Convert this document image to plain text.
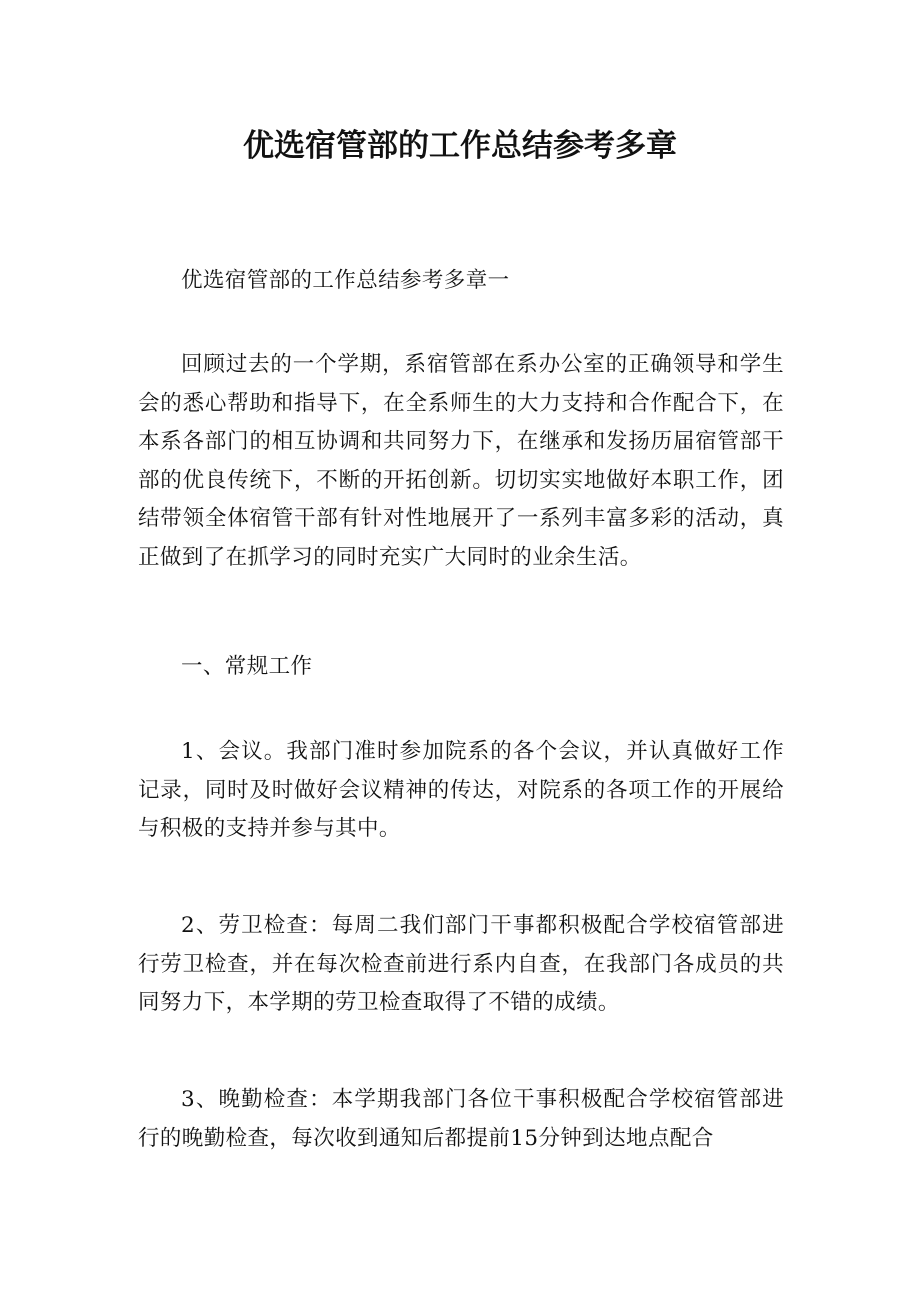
优选宿管部的工作总结参考多章

优选宿管部的工作总结参考多章一

回顾过去的一个学期，系宿管部在系办公室的正确领导和学生会的悉心帮助和指导下，在全系师生的大力支持和合作配合下，在本系各部门的相互协调和共同努力下，在继承和发扬历届宿管部干部的优良传统下，不断的开拓创新。切切实实地做好本职工作，团结带领全体宿管干部有针对性地展开了一系列丰富多彩的活动，真正做到了在抓学习的同时充实广大同时的业余生活。

一、常规工作

1、会议。我部门准时参加院系的各个会议，并认真做好工作记录，同时及时做好会议精神的传达，对院系的各项工作的开展给与积极的支持并参与其中。

2、劳卫检查：每周二我们部门干事都积极配合学校宿管部进行劳卫检查，并在每次检查前进行系内自查，在我部门各成员的共同努力下，本学期的劳卫检查取得了不错的成绩。

3、晚勤检查：本学期我部门各位干事积极配合学校宿管部进行的晚勤检查，每次收到通知后都提前15分钟到达地点配合
